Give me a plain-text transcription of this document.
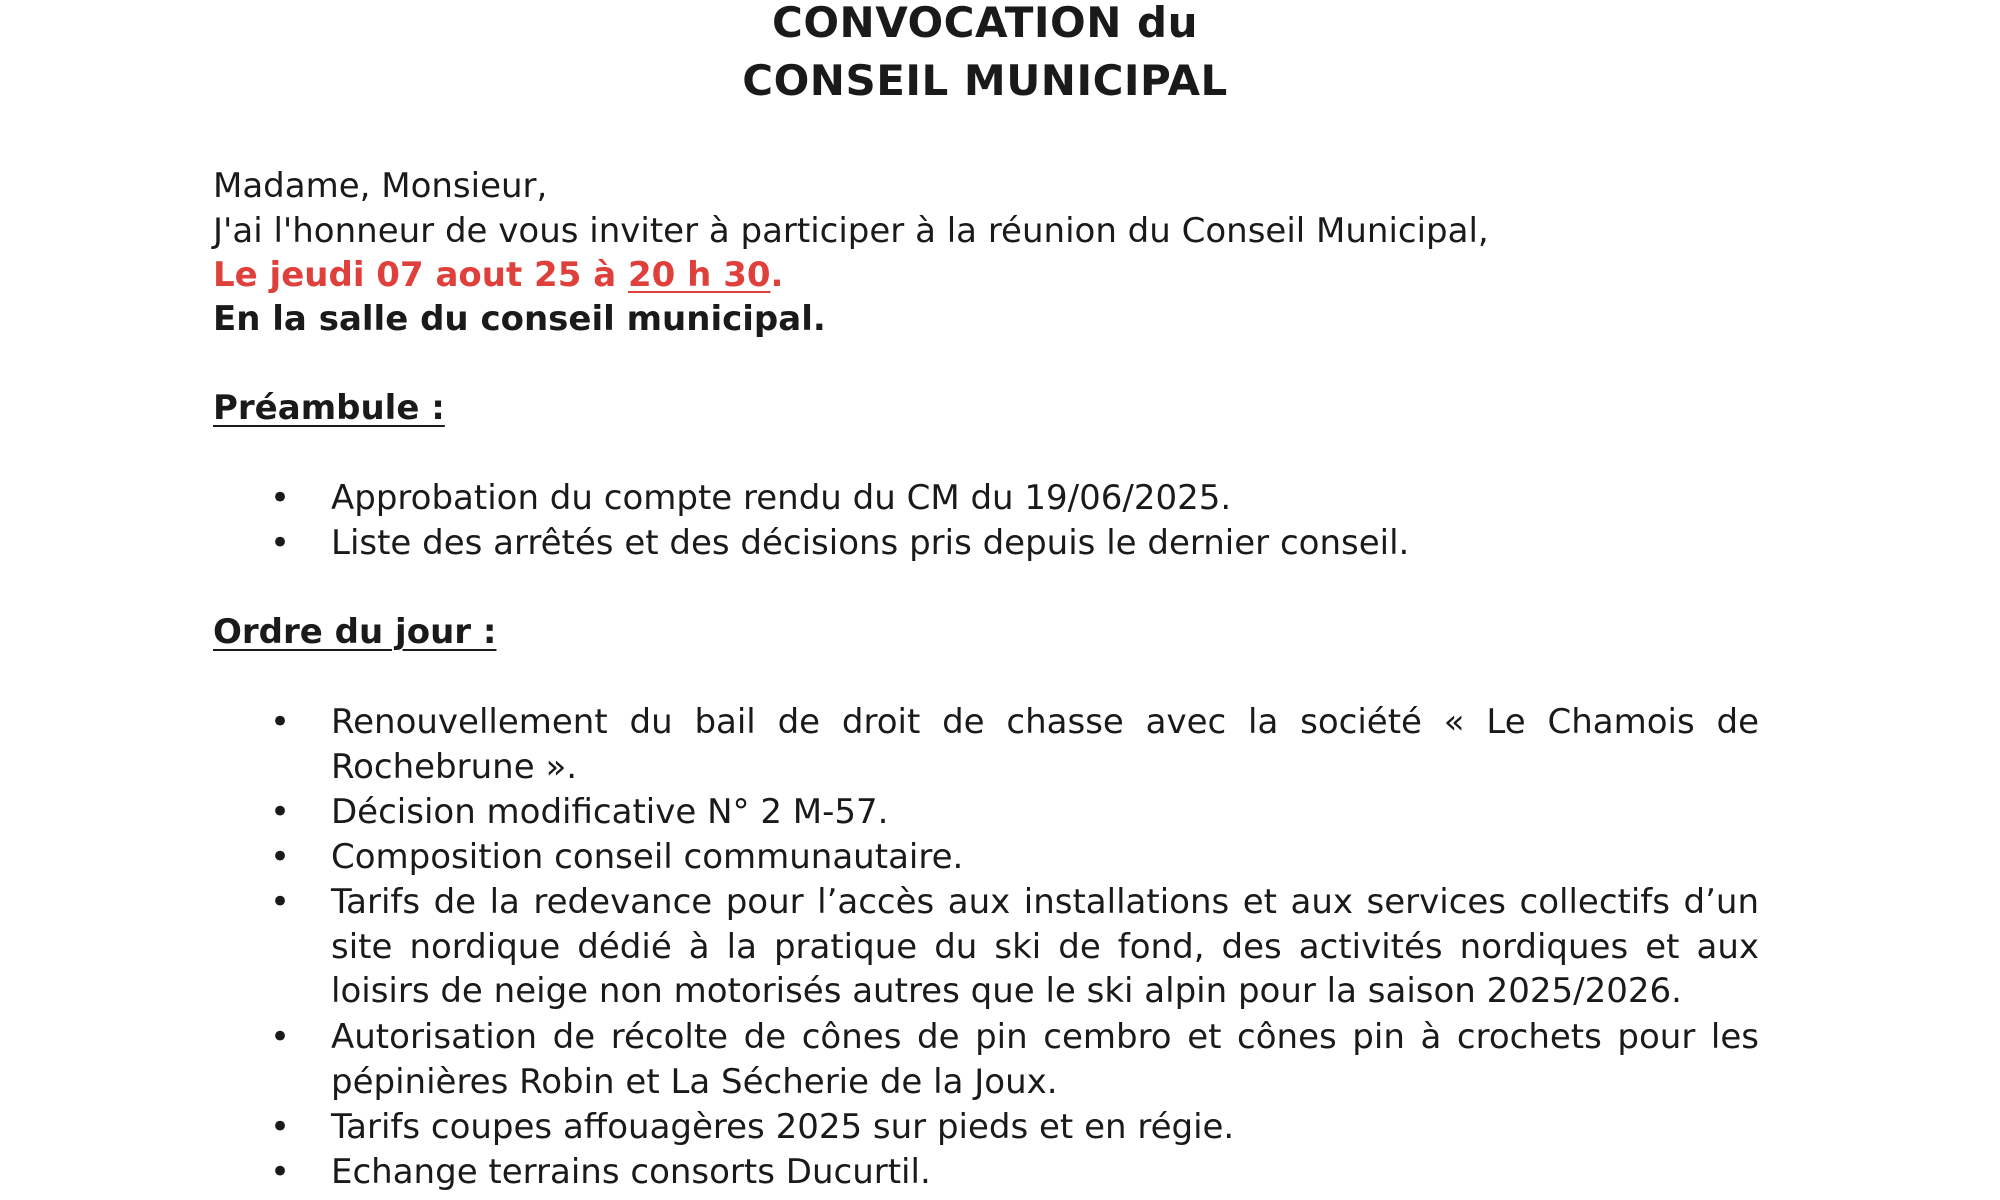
CONVOCATION du
CONSEIL MUNICIPAL
Madame, Monsieur,
J'ai l'honneur de vous inviter à participer à la réunion du Conseil Municipal,
Le jeudi 07 aout 25 à 20 h 30.
En la salle du conseil municipal.
Préambule :
• Approbation du compte rendu du CM du 19/06/2025.
• Liste des arrêtés et des décisions pris depuis le dernier conseil.
Ordre du jour :
• Renouvellement du bail de droit de chasse avec la société « Le Chamois de Rochebrune ».
• Décision modificative N° 2 M-57.
• Composition conseil communautaire.
• Tarifs de la redevance pour l’accès aux installations et aux services collectifs d’un site nordique dédié à la pratique du ski de fond, des activités nordiques et aux loisirs de neige non motorisés autres que le ski alpin pour la saison 2025/2026.
• Autorisation de récolte de cônes de pin cembro et cônes pin à crochets pour les pépinières Robin et La Sécherie de la Joux.
• Tarifs coupes affouagères 2025 sur pieds et en régie.
• Echange terrains consorts Ducurtil.
